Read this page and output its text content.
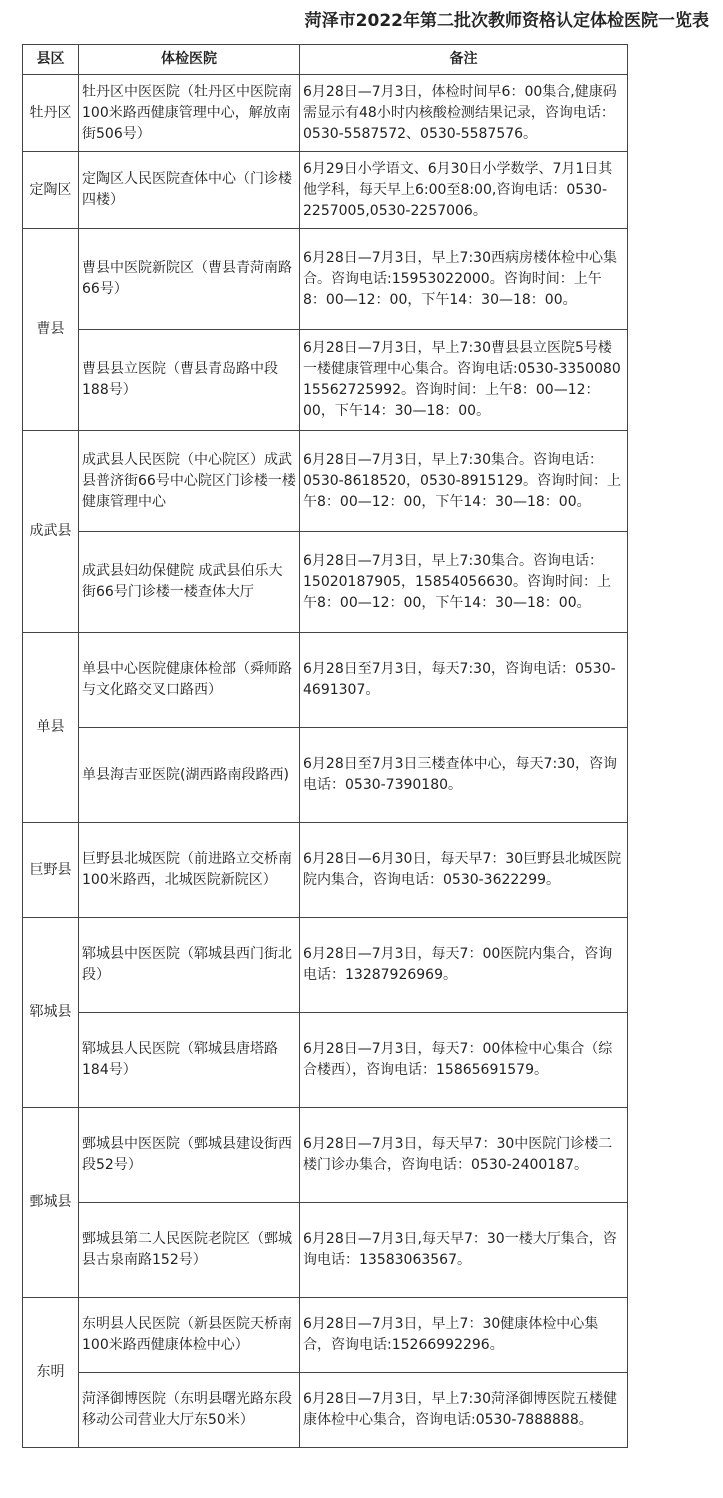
菏泽市2022年第二批次教师资格认定体检医院一览表
县区	体检医院	备注
牡丹区	牡丹区中医医院（牡丹区中医院南100米路西健康管理中心，解放南街506号）	6月28日—7月3日，体检时间早6：00集合,健康码需显示有48小时内核酸检测结果记录，咨询电话：0530-5587572、0530-5587576。
定陶区	定陶区人民医院查体中心（门诊楼四楼）	6月29日小学语文、6月30日小学数学、7月1日其他学科，每天早上6:00至8:00,咨询电话：0530-2257005,0530-2257006。
曹县	曹县中医院新院区（曹县青菏南路66号）	6月28日—7月3日，早上7:30西病房楼体检中心集合。咨询电话:15953022000。咨询时间：上午8：00—12：00，下午14：30—18：00。
	曹县县立医院（曹县青岛路中段188号）	6月28日—7月3日，早上7:30曹县县立医院5号楼一楼健康管理中心集合。咨询电话:0530-3350080 15562725992。咨询时间：上午8：00—12：00，下午14：30—18：00。
成武县	成武县人民医院（中心院区）成武县普济街66号中心院区门诊楼一楼健康管理中心	6月28日—7月3日，早上7:30集合。咨询电话：0530-8618520，0530-8915129。咨询时间：上午8：00—12：00，下午14：30—18：00。
	成武县妇幼保健院 成武县伯乐大街66号门诊楼一楼查体大厅	6月28日—7月3日，早上7:30集合。咨询电话：15020187905，15854056630。咨询时间：上午8：00—12：00，下午14：30—18：00。
单县	单县中心医院健康体检部（舜师路与文化路交叉口路西）	6月28日至7月3日，每天7:30，咨询电话：0530-4691307。
	单县海吉亚医院(湖西路南段路西)	6月28日至7月3日三楼查体中心，每天7:30，咨询电话：0530-7390180。
巨野县	巨野县北城医院（前进路立交桥南100米路西，北城医院新院区）	6月28日—6月30日，每天早7：30巨野县北城医院院内集合，咨询电话：0530-3622299。
郓城县	郓城县中医医院（郓城县西门街北段）	6月28日—7月3日，每天7：00医院内集合，咨询电话：13287926969。
	郓城县人民医院（郓城县唐塔路184号）	6月28日—7月3日，每天7：00体检中心集合（综合楼西），咨询电话：15865691579。
鄄城县	鄄城县中医医院（鄄城县建设街西段52号）	6月28日—7月3日，每天早7：30中医院门诊楼二楼门诊办集合，咨询电话：0530-2400187。
	鄄城县第二人民医院老院区（鄄城县古泉南路152号）	6月28日—7月3日,每天早7：30一楼大厅集合，咨询电话：13583063567。
东明	东明县人民医院（新县医院天桥南100米路西健康体检中心）	6月28日—7月3日，早上7：30健康体检中心集合，咨询电话:15266992296。
	菏泽御博医院（东明县曙光路东段移动公司营业大厅东50米）	6月28日—7月3日，早上7:30菏泽御博医院五楼健康体检中心集合，咨询电话:0530-7888888。
